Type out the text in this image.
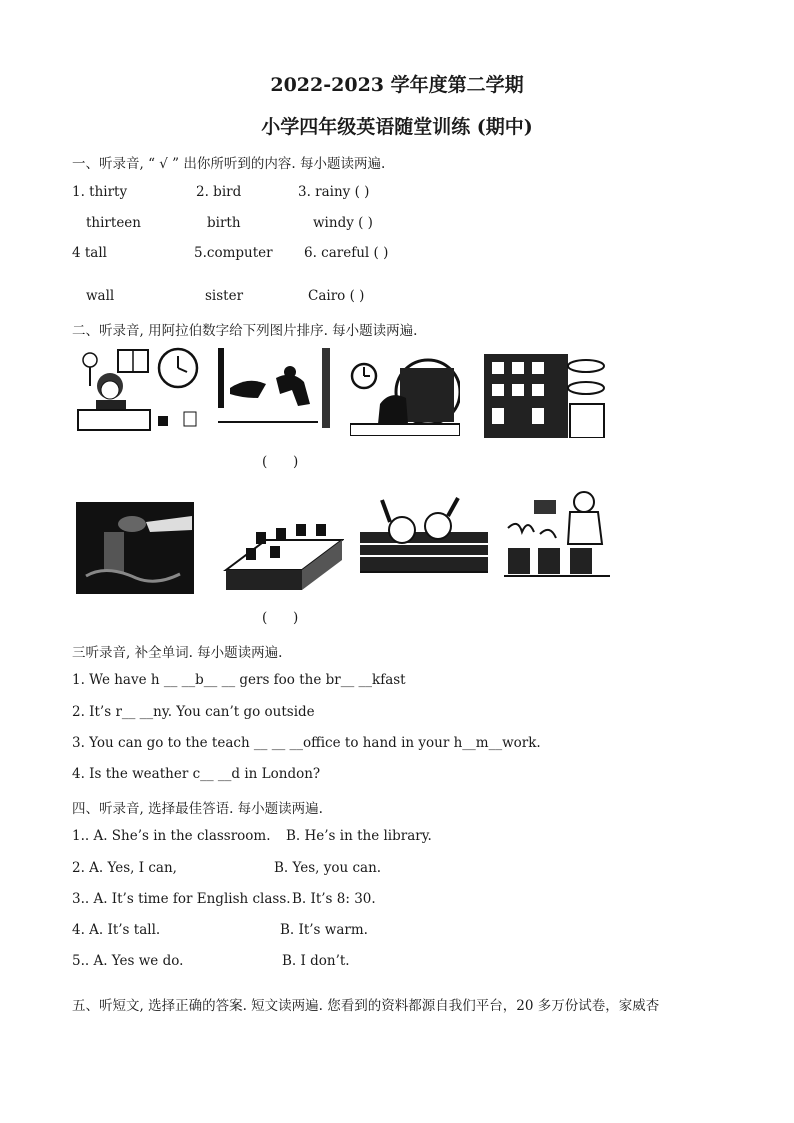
2022-2023 学年度第二学期
小学四年级英语随堂训练 (期中)
一、听录音, “ √ ” 出你所听到的内容. 每小题读两遍.
1. thirty	2. bird	3. rainy ( )
thirteen	birth	windy ( )
4 tall	5.computer 6. careful ( )
wall	sister	Cairo ( )
二、听录音, 用阿拉伯数字给下列图片排序. 每小题读两遍.
(      )
(      )
三听录音, 补全单词. 每小题读两遍.
1. We have h __ __b__ __ gers foo the br__ __kfast
2. It’s r__ __ny. You can’t go outside
3. You can go to the teach __ __ __office to hand in your h__m__work.
4. Is the weather c__ __d in London?
四、听录音, 选择最佳答语. 每小题读两遍.
1.. A. She’s in the classroom. B. He’s in the library.
2. A. Yes, I can,	B. Yes, you can.
3.. A. It’s time for English class. B. It’s 8: 30.
4. A. It’s tall.	B. It’s warm.
5.. A. Yes we do.	B. I don’t.
五、听短文, 选择正确的答案. 短文读两遍. 您看到的资料都源自我们平台，20 多万份试卷，家威杏
